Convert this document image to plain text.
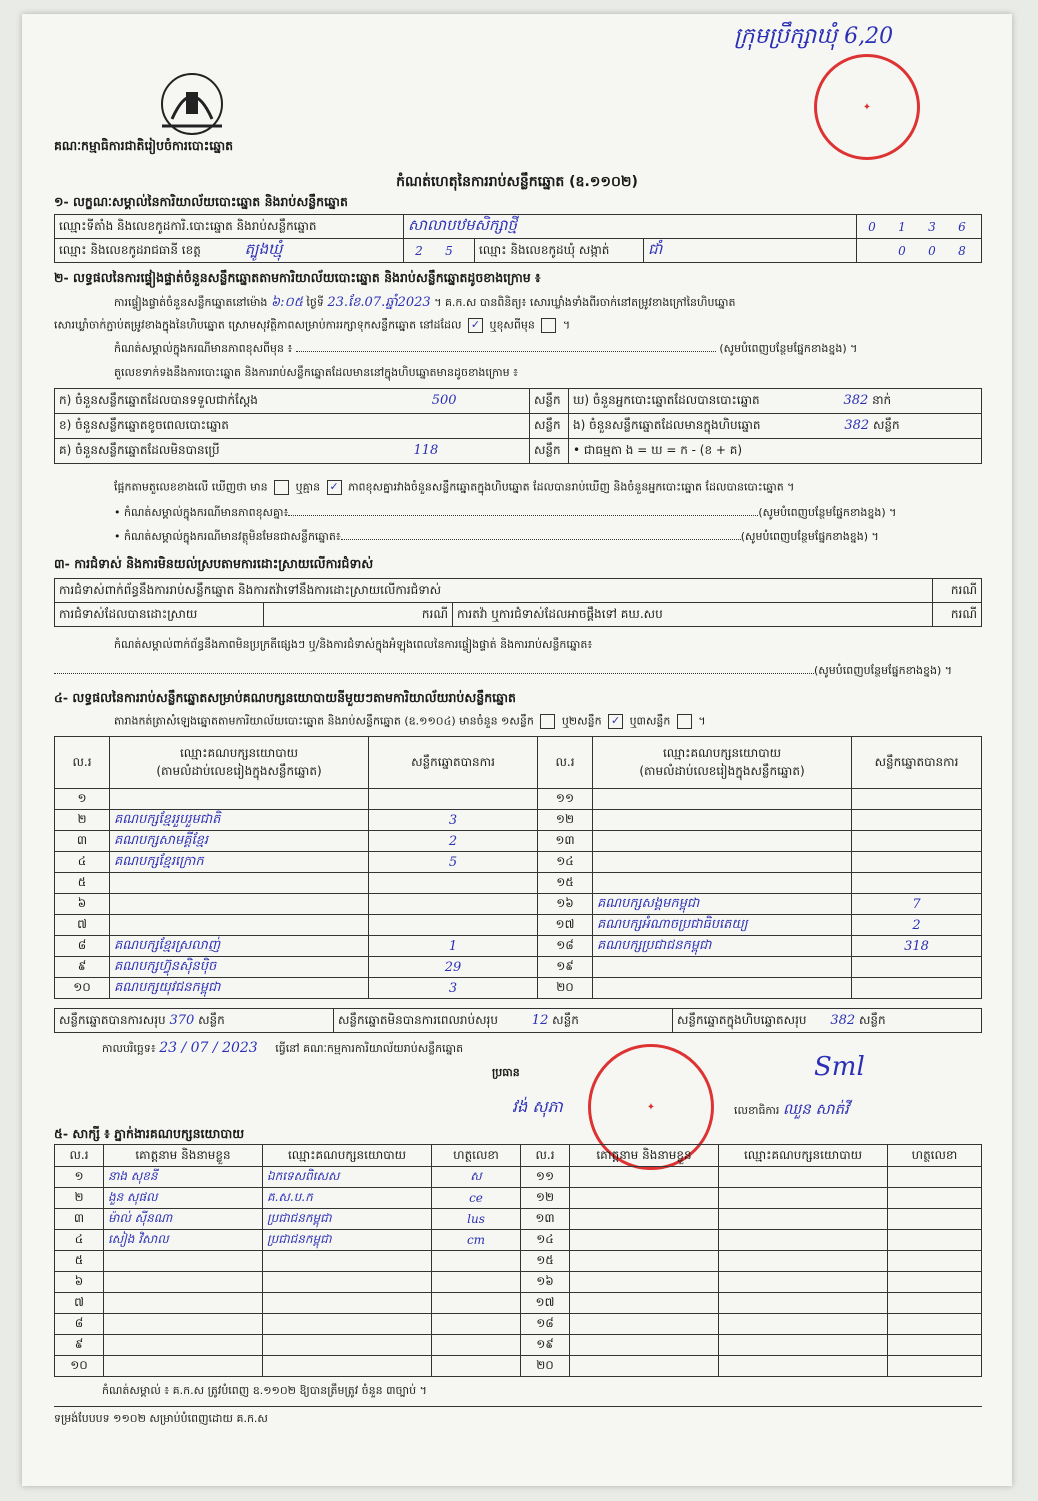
គណៈកម្មាធិការជាតិរៀបចំការបោះឆ្នោត
ក្រុមប្រឹក្សាឃុំ 6,20
✦
កំណត់ហេតុនៃការរាប់សន្លឹកឆ្នោត (ឧ.១១០២)
១- លក្ខណៈសម្គាល់នៃការិយាល័យបោះឆ្នោត និងរាប់សន្លឹកឆ្នោត
ឈ្មោះទីតាំង និងលេខកូដការិ.បោះឆ្នោត និងរាប់សន្លឹកឆ្នោត	សាលាបឋមសិក្សាថ្មី			0 1 3 6
ឈ្មោះ និងលេខកូដរាជធានី ខេត្ត ត្បូងឃ្មុំ	2 5	ឈ្មោះ និងលេខកូដឃុំ សង្កាត់	ជាំ	0 0 8
២- លទ្ធផលនៃការផ្ទៀងផ្ទាត់ចំនួនសន្លឹកឆ្នោតតាមការិយាល័យបោះឆ្នោត និងរាប់សន្លឹកឆ្នោតដូចខាងក្រោម ៖
ការផ្ទៀងផ្ទាត់ចំនួនសន្លឹកឆ្នោតនៅម៉ោង ៦:០៥ ថ្ងៃទី 23.ខែ.07.ឆ្នាំ2023 ។ គ.ក.ស បានពិនិត្យ៖ សោរឃ្លាំងទាំងពីរចាក់នៅតម្រូវខាងក្រៅនៃហិបឆ្នោត
សោរឃ្លាំចាក់ភ្ជាប់តម្រូវខាងក្នុងនៃហិបឆ្នោត ស្រោមសុវត្ថិភាពសម្រាប់ការរក្សាទុកសន្លឹកឆ្នោត នៅដដែល ✓ ឬខុសពីមុន  ។
កំណត់សម្គាល់ក្នុងករណីមានភាពខុសពីមុន ៖	(សូមបំពេញបន្ថែមផ្នែកខាងខ្នង) ។
តួលេខទាក់ទងនឹងការបោះឆ្នោត និងការរាប់សន្លឹកឆ្នោតដែលមាននៅក្នុងហិបឆ្នោតមានដូចខាងក្រោម ៖
ក) ចំនួនសន្លឹកឆ្នោតដែលបានទទួលជាក់ស្តែង 500	សន្លឹក	ឃ) ចំនួនអ្នកបោះឆ្នោតដែលបានបោះឆ្នោត 382 នាក់
ខ) ចំនួនសន្លឹកឆ្នោតខូចពេលបោះឆ្នោត	សន្លឹក	ង) ចំនួនសន្លឹកឆ្នោតដែលមានក្នុងហិបឆ្នោត 382 សន្លឹក
គ) ចំនួនសន្លឹកឆ្នោតដែលមិនបានប្រើ 118	សន្លឹក	• ជាធម្មតា ង = ឃ = ក - (ខ + គ)
ផ្អែកតាមតួលេខខាងលើ ឃើញថា មាន	ឬគ្មាន ✓ ភាពខុសគ្នារវាងចំនួនសន្លឹកឆ្នោតក្នុងហិបឆ្នោត ដែលបានរាប់ឃើញ និងចំនួនអ្នកបោះឆ្នោត ដែលបានបោះឆ្នោត ។
• កំណត់សម្គាល់ក្នុងករណីមានភាពខុសគ្នា៖	(សូមបំពេញបន្ថែមផ្នែកខាងខ្នង) ។
• កំណត់សម្គាល់ក្នុងករណីមានវត្ថុមិនមែនជាសន្លឹកឆ្នោត៖	(សូមបំពេញបន្ថែមផ្នែកខាងខ្នង) ។
៣- ការជំទាស់ និងការមិនយល់ស្របតាមការដោះស្រាយលើការជំទាស់
ការជំទាស់ពាក់ព័ន្ធនឹងការរាប់សន្លឹកឆ្នោត និងការតវ៉ាទៅនឹងការដោះស្រាយលើការជំទាស់			ករណី
ការជំទាស់ដែលបានដោះស្រាយ	ករណី	ការតវ៉ា ឬការជំទាស់ដែលអាចផ្តឹងទៅ គឃ.សប	ករណី
កំណត់សម្គាល់ពាក់ព័ន្ធនឹងភាពមិនប្រក្រតីផ្សេងៗ ឬ/និងការជំទាស់ក្នុងអំឡុងពេលនៃការផ្ទៀងផ្ទាត់ និងការរាប់សន្លឹកឆ្នោត៖
(សូមបំពេញបន្ថែមផ្នែកខាងខ្នង) ។
៤- លទ្ធផលនៃការរាប់សន្លឹកឆ្នោតសម្រាប់គណបក្សនយោបាយនីមួយៗតាមការិយាល័យរាប់សន្លឹកឆ្នោត
តារាងកត់ត្រាសំឡេងឆ្នោតតាមការិយាល័យបោះឆ្នោត និងរាប់សន្លឹកឆ្នោត (ឧ.១១០៤) មានចំនួន ១សន្លឹក	ឬ២សន្លឹក ✓ ឬ៣សន្លឹក  ។
ល.រ	ឈ្មោះគណបក្សនយោបាយ
(តាមលំដាប់លេខរៀងក្នុងសន្លឹកឆ្នោត)	សន្លឹកឆ្នោតបានការ	ល.រ	ឈ្មោះគណបក្សនយោបាយ
(តាមលំដាប់លេខរៀងក្នុងសន្លឹកឆ្នោត)	សន្លឹកឆ្នោតបានការ
១			១១		
២	គណបក្សខ្មែររួបរួមជាតិ	3	១២		
៣	គណបក្សសាមគ្គីខ្មែរ	2	១៣		
៤	គណបក្សខ្មែរក្រោក	5	១៤		
៥			១៥		
៦			១៦	គណបក្សសង្គមកម្ពុជា	7
៧			១៧	គណបក្សអំណាចប្រជាធិបតេយ្យ	2
៨	គណបក្សខ្មែរស្រលាញ់	1	១៨	គណបក្សប្រជាជនកម្ពុជា	318
៩	គណបក្សហ៊្វុនស៊ិនប៉ិច	29	១៩		
១០	គណបក្សយុវជនកម្ពុជា	3	២០		
សន្លឹកឆ្នោតបានការសរុប 370 សន្លឹក	សន្លឹកឆ្នោតមិនបានការពេលរាប់សរុប	12 សន្លឹក	សន្លឹកឆ្នោតក្នុងហិបឆ្នោតសរុប 382 សន្លឹក
កាលបរិច្ឆេទ៖ 23 / 07 / 2023 ធ្វើនៅ គណៈកម្មការការិយាល័យរាប់សន្លឹកឆ្នោត
ប្រធាន
វង់ សុភា	✦
Sml
លេខាធិការ ឈួន សាត់វី
៥- សាក្សី ៖ ភ្នាក់ងារគណបក្សនយោបាយ
ល.រ	គោត្តនាម និងនាមខ្លួន	ឈ្មោះគណបក្សនយោបាយ	ហត្ថលេខា	ល.រ	គោត្តនាម និងនាមខ្លួន	ឈ្មោះគណបក្សនយោបាយ	ហត្ថលេខា
១	នាង សុខនី	ឯកទេសពិសេស	ស	១១			
២	ងួន សុផល	គ.ស.ប.ក	ce	១២			
៣	ម៉ាល់ ស៊ីនណា	ប្រជាជនកម្ពុជា	lus	១៣			
៤	សៀង វិសាល	ប្រជាជនកម្ពុជា	cm	១៤			
៥				១៥			
៦				១៦			
៧				១៧			
៨				១៨			
៩				១៩			
១០				២០			
កំណត់សម្គាល់ ៖ គ.ក.ស ត្រូវបំពេញ ឧ.១១០២ ឱ្យបានត្រឹមត្រូវ ចំនួន ៣ច្បាប់ ។
ទម្រង់បែបបទ ១១០២ សម្រាប់បំពេញដោយ គ.ក.ស
